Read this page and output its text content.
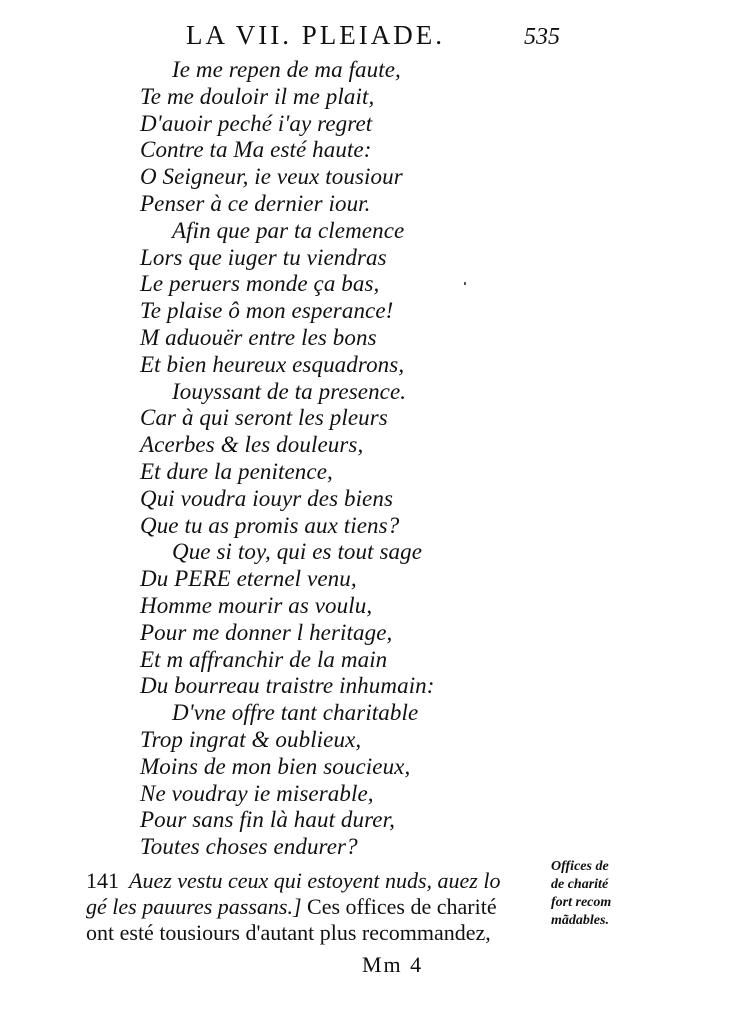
LA VII. PLEIADE.	535
Ie me repen de ma faute,
Te me douloir il me plait,
D'auoir peché i'ay regret
Contre ta Ma esté haute:
O Seigneur, ie veux tousiour
Penser à ce dernier iour.
Afin que par ta clemence
Lors que iuger tu viendras
Le peruers monde ça bas,
Te plaise ô mon esperance!
M aduouër entre les bons
Et bien heureux esquadrons,
Iouyssant de ta presence.
Car à qui seront les pleurs
Acerbes & les douleurs,
Et dure la penitence,
Qui voudra iouyr des biens
Que tu as promis aux tiens?
Que si toy, qui es tout sage
Du PERE eternel venu,
Homme mourir as voulu,
Pour me donner l heritage,
Et m affranchir de la main
Du bourreau traistre inhumain:
D'vne offre tant charitable
Trop ingrat & oublieux,
Moins de mon bien soucieux,
Ne voudray ie miserable,
Pour sans fin là haut durer,
Toutes choses endurer?
141 Auez vestu ceux qui estoyent nuds, auez lo
gé les pauures passans.] Ces offices de charité
ont esté tousiours d'autant plus recommandez,
Offices de
de charité
fort recom
mãdables.
Mm 4
